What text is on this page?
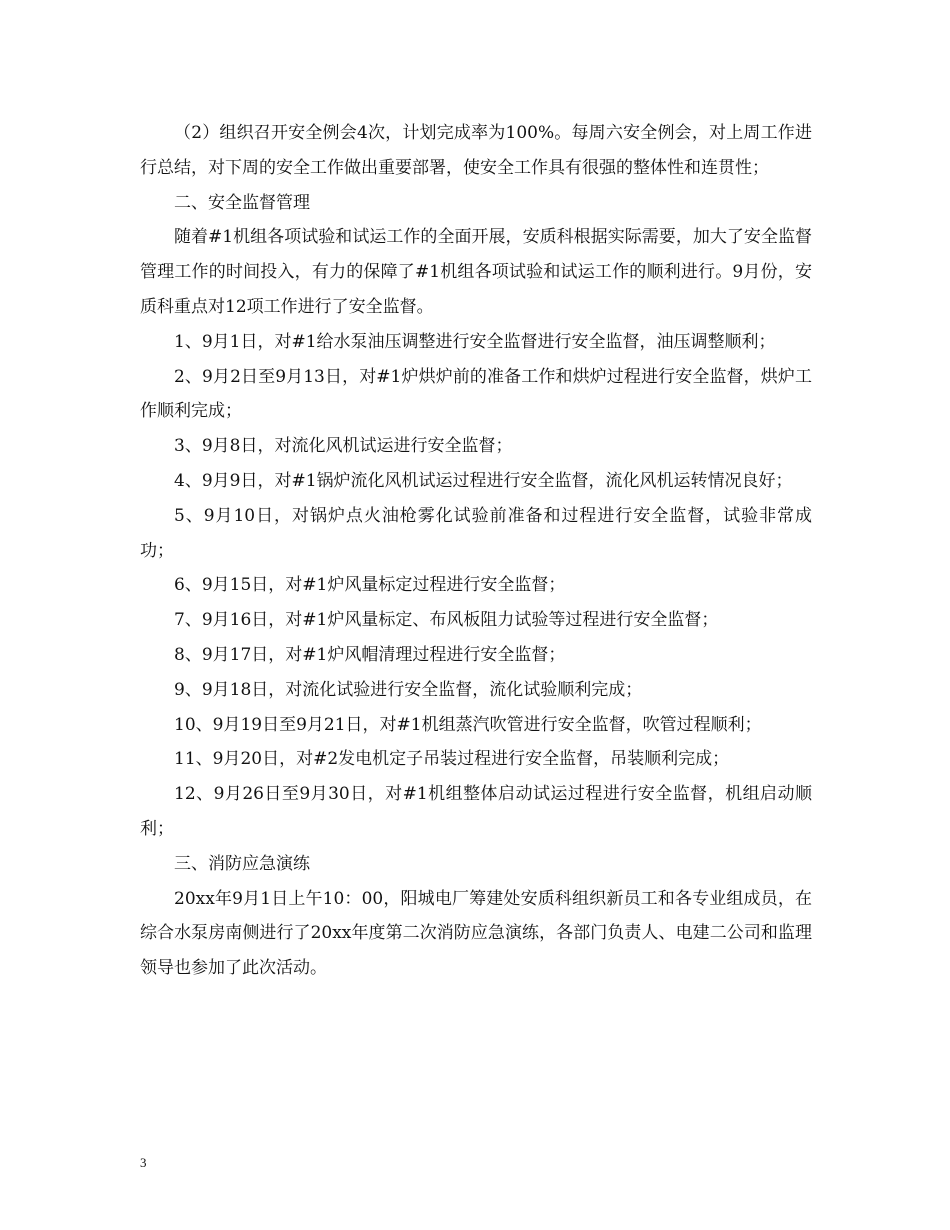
（2）组织召开安全例会4次，计划完成率为100%。每周六安全例会，对上周工作进行总结，对下周的安全工作做出重要部署，使安全工作具有很强的整体性和连贯性；

二、安全监督管理

随着#1机组各项试验和试运工作的全面开展，安质科根据实际需要，加大了安全监督管理工作的时间投入，有力的保障了#1机组各项试验和试运工作的顺利进行。9月份，安质科重点对12项工作进行了安全监督。

1、9月1日，对#1给水泵油压调整进行安全监督进行安全监督，油压调整顺利；

2、9月2日至9月13日，对#1炉烘炉前的准备工作和烘炉过程进行安全监督，烘炉工作顺利完成；

3、9月8日，对流化风机试运进行安全监督；

4、9月9日，对#1锅炉流化风机试运过程进行安全监督，流化风机运转情况良好；

5、9月10日，对锅炉点火油枪雾化试验前准备和过程进行安全监督，试验非常成功；

6、9月15日，对#1炉风量标定过程进行安全监督；

7、9月16日，对#1炉风量标定、布风板阻力试验等过程进行安全监督；

8、9月17日，对#1炉风帽清理过程进行安全监督；

9、9月18日，对流化试验进行安全监督，流化试验顺利完成；

10、9月19日至9月21日，对#1机组蒸汽吹管进行安全监督，吹管过程顺利；

11、9月20日，对#2发电机定子吊装过程进行安全监督，吊装顺利完成；

12、9月26日至9月30日，对#1机组整体启动试运过程进行安全监督，机组启动顺利；

三、消防应急演练

20xx年9月1日上午10：00，阳城电厂筹建处安质科组织新员工和各专业组成员，在综合水泵房南侧进行了20xx年度第二次消防应急演练，各部门负责人、电建二公司和监理领导也参加了此次活动。

3
